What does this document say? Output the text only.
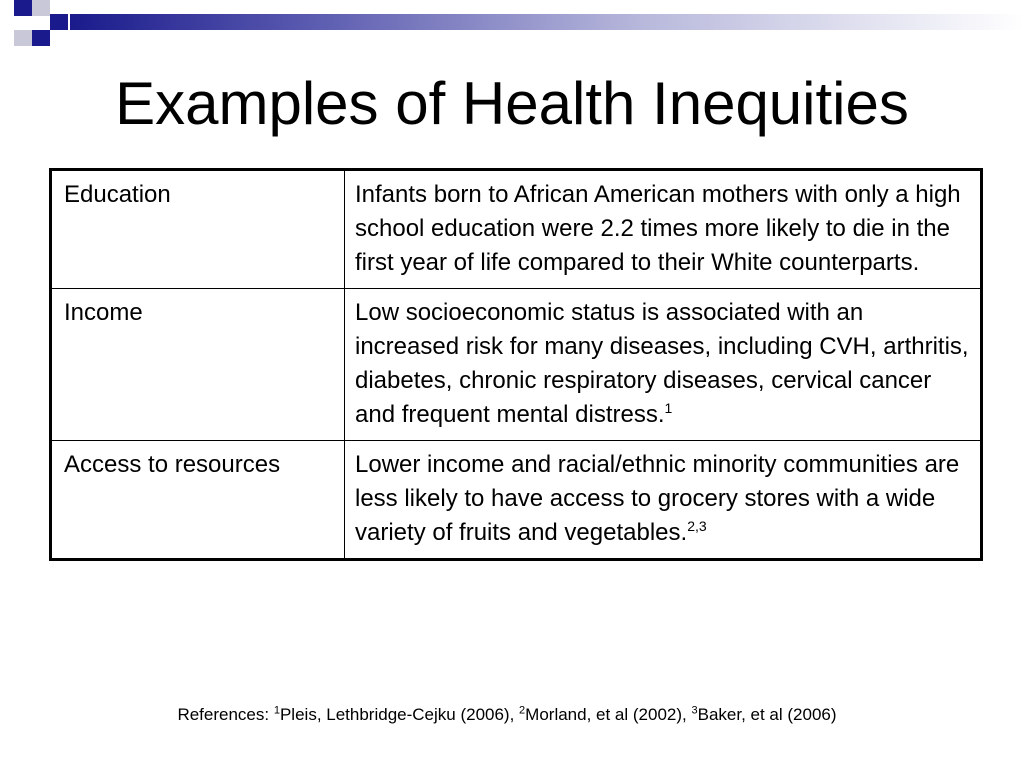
Examples of Health Inequities
Education	Infants born to African American mothers with only a high school education were 2.2 times more likely to die in the first year of life compared to their White counterparts.
Income	Low socioeconomic status is associated with an increased risk for many diseases, including CVH, arthritis, diabetes, chronic respiratory diseases, cervical cancer and frequent mental distress.$^1$
Access to resources	Lower income and racial/ethnic minority communities are less likely to have access to grocery stores with a wide variety of fruits and vegetables.$^{2,3}$
References: $^1$Pleis, Lethbridge-Cejku (2006), $^2$Morland, et al (2002), $^3$Baker, et al (2006)
